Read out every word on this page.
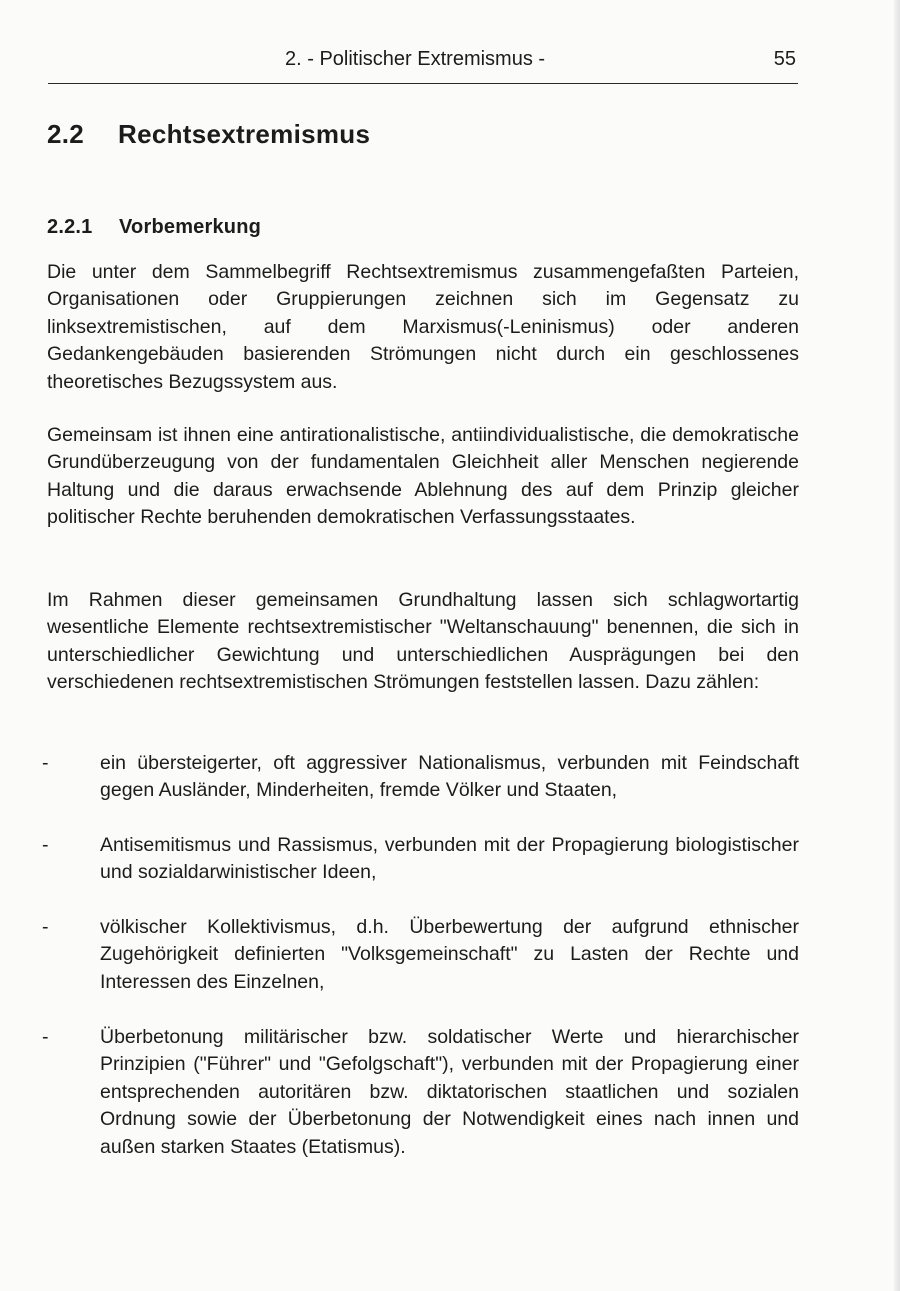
2. - Politischer Extremismus -	55
2.2 Rechtsextremismus
2.2.1 Vorbemerkung

Die unter dem Sammelbegriff Rechtsextremismus zusammengefaßten Parteien, Organisationen oder Gruppierungen zeichnen sich im Gegensatz zu linksextremistischen, auf dem Marxismus(-Leninismus) oder anderen Gedankengebäuden basierenden Strömungen nicht durch ein geschlossenes theoretisches Bezugssystem aus.

Gemeinsam ist ihnen eine antirationalistische, antiindividualistische, die demokratische Grundüberzeugung von der fundamentalen Gleichheit aller Menschen negierende Haltung und die daraus erwachsende Ablehnung des auf dem Prinzip gleicher politischer Rechte beruhenden demokratischen Verfassungsstaates.

Im Rahmen dieser gemeinsamen Grundhaltung lassen sich schlagwortartig wesentliche Elemente rechtsextremistischer "Weltanschauung" benennen, die sich in unterschiedlicher Gewichtung und unterschiedlichen Ausprägungen bei den verschiedenen rechtsextremistischen Strömungen feststellen lassen. Dazu zählen:

-	ein übersteigerter, oft aggressiver Nationalismus, verbunden mit Feindschaft gegen Ausländer, Minderheiten, fremde Völker und Staaten,

-	Antisemitismus und Rassismus, verbunden mit der Propagierung biologistischer und sozialdarwinistischer Ideen,

-	völkischer Kollektivismus, d.h. Überbewertung der aufgrund ethnischer Zugehörigkeit definierten "Volksgemeinschaft" zu Lasten der Rechte und Interessen des Einzelnen,

-	Überbetonung militärischer bzw. soldatischer Werte und hierarchischer Prinzipien ("Führer" und "Gefolgschaft"), verbunden mit der Propagierung einer entsprechenden autoritären bzw. diktatorischen staatlichen und sozialen Ordnung sowie der Überbetonung der Notwendigkeit eines nach innen und außen starken Staates (Etatismus).
